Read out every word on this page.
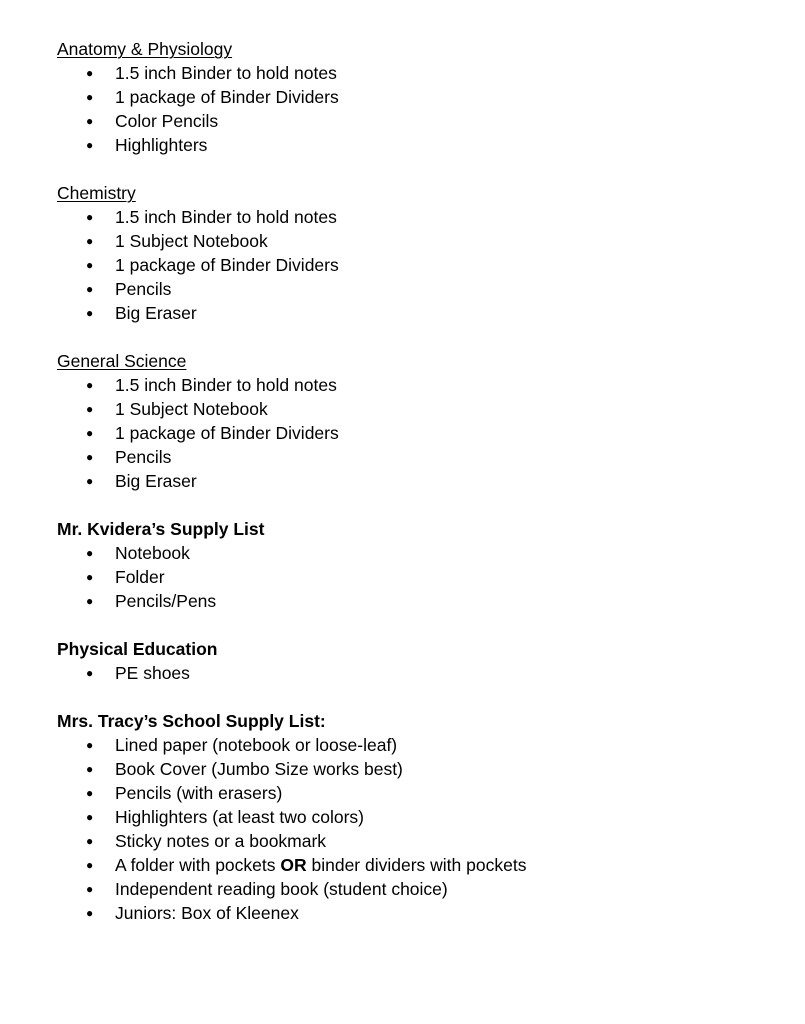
Anatomy & Physiology
● 1.5 inch Binder to hold notes
● 1 package of Binder Dividers
● Color Pencils
● Highlighters
Chemistry
● 1.5 inch Binder to hold notes
● 1 Subject Notebook
● 1 package of Binder Dividers
● Pencils
● Big Eraser
General Science
● 1.5 inch Binder to hold notes
● 1 Subject Notebook
● 1 package of Binder Dividers
● Pencils
● Big Eraser
Mr. Kvidera’s Supply List
● Notebook
● Folder
● Pencils/Pens
Physical Education
● PE shoes
Mrs. Tracy’s School Supply List:
● Lined paper (notebook or loose-leaf)
● Book Cover (Jumbo Size works best)
● Pencils (with erasers)
● Highlighters (at least two colors)
● Sticky notes or a bookmark
● A folder with pockets OR binder dividers with pockets
● Independent reading book (student choice)
● Juniors: Box of Kleenex
